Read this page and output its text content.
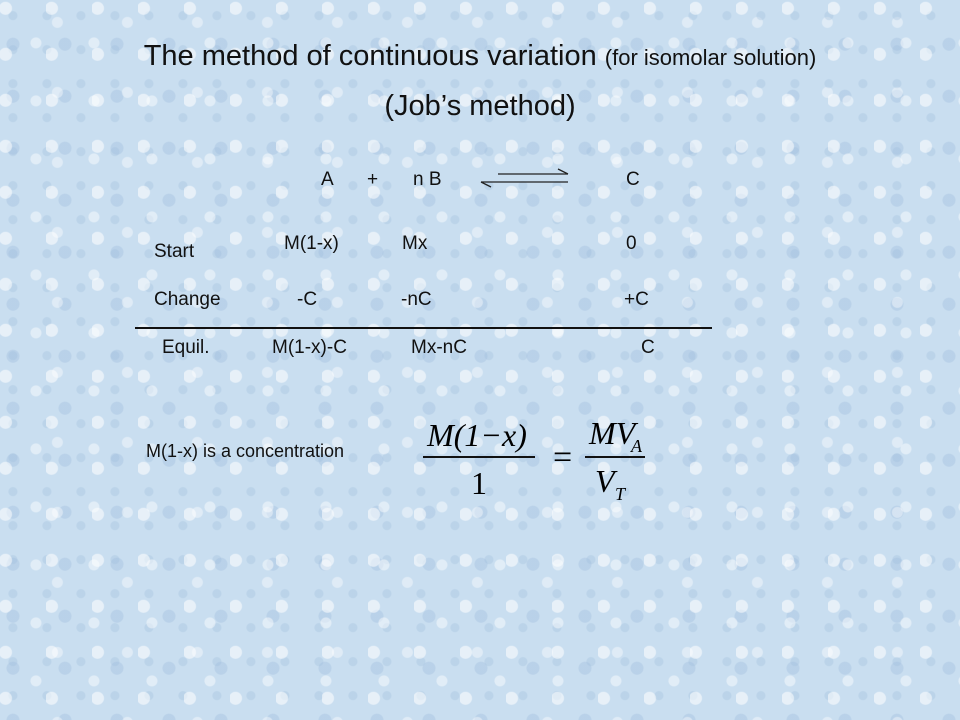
The method of continuous variation (for isomolar solution)
(Job’s method)
A + n B	C
Start	M(1-x)	Mx	0
Change	-C	-nC	+C
Equil.	M(1-x)-C	Mx-nC	C
M(1-x) is a concentration	M(1−x)
1
=
MV
A
V T
